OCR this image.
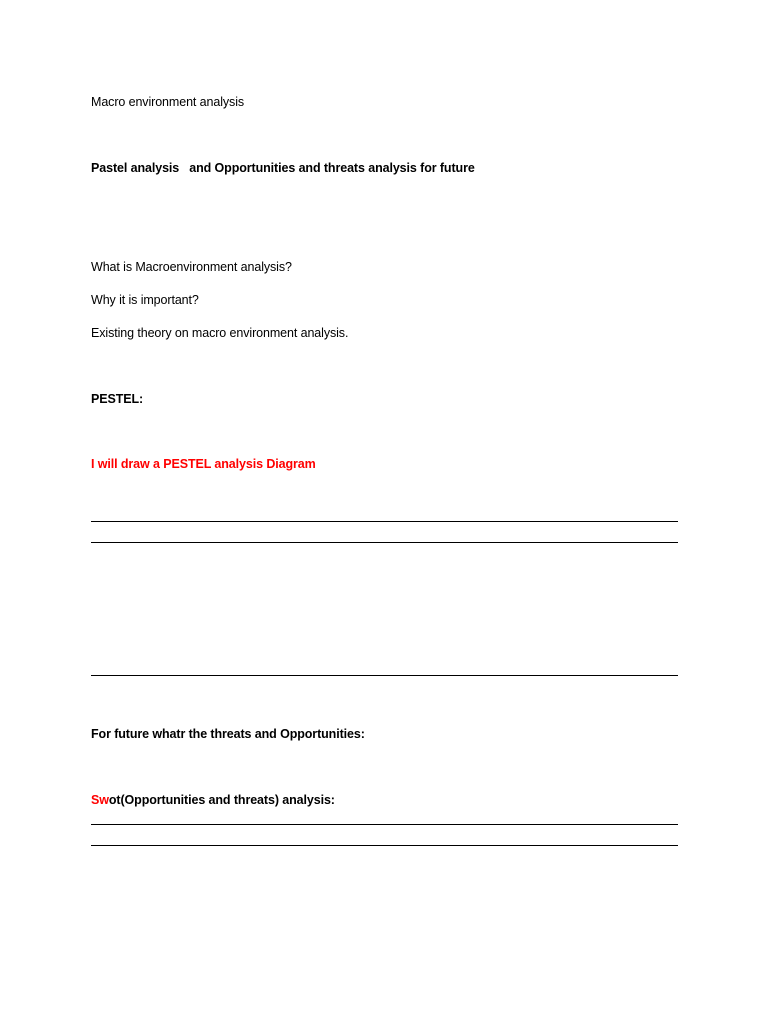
Macro environment analysis
Pastel analysis   and Opportunities and threats analysis for future
What is Macroenvironment analysis?
Why it is important?
Existing theory on macro environment analysis.
PESTEL:
I will draw a PESTEL analysis Diagram
For future whatr the threats and Opportunities:
Swot(Opportunities and threats) analysis:
